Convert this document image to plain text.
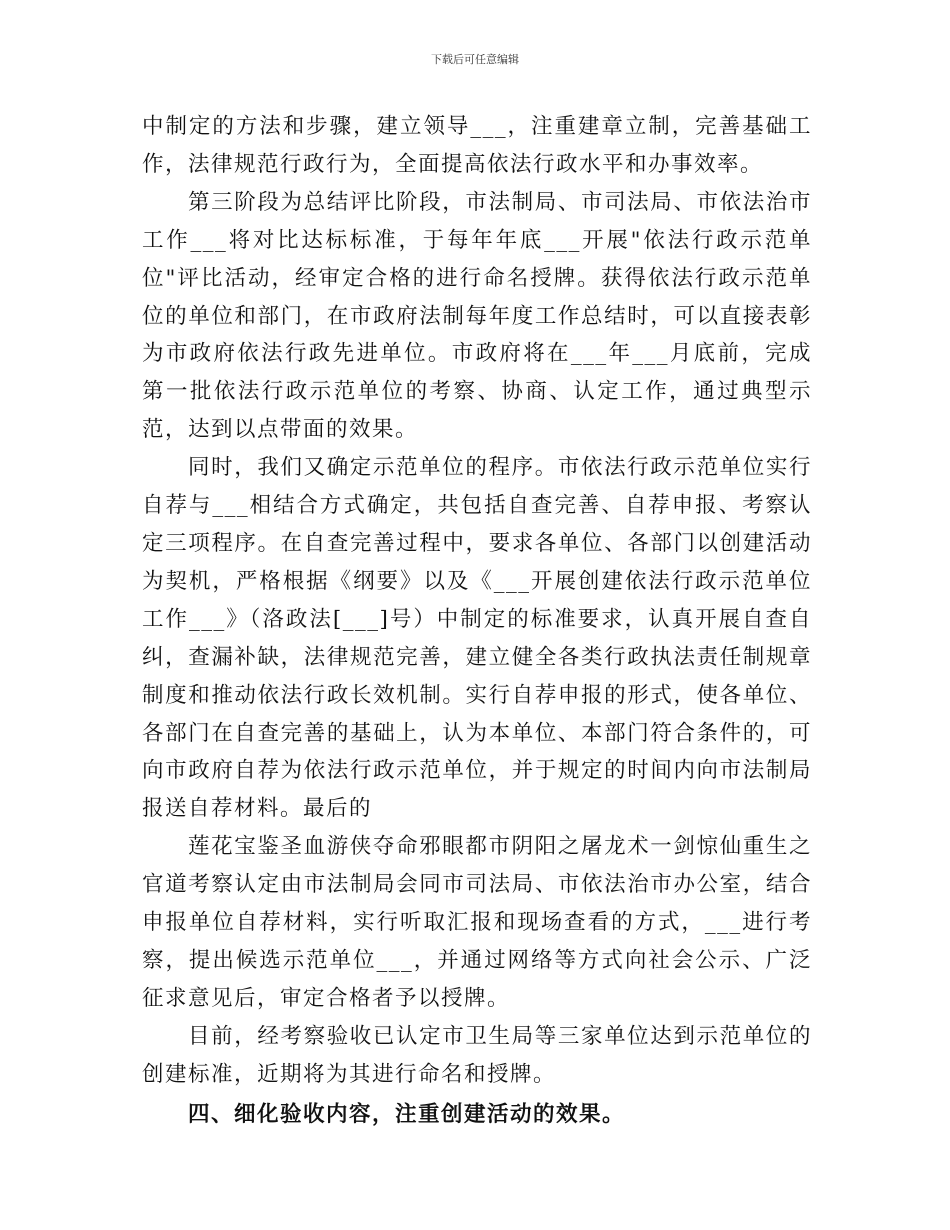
下载后可任意编辑

中制定的方法和步骤，建立领导___，注重建章立制，完善基础工作，法律规范行政行为，全面提高依法行政水平和办事效率。

第三阶段为总结评比阶段，市法制局、市司法局、市依法治市工作___将对比达标标准，于每年年底___开展"依法行政示范单位"评比活动，经审定合格的进行命名授牌。获得依法行政示范单位的单位和部门，在市政府法制每年度工作总结时，可以直接表彰为市政府依法行政先进单位。市政府将在___年___月底前，完成第一批依法行政示范单位的考察、协商、认定工作，通过典型示范，达到以点带面的效果。

同时，我们又确定示范单位的程序。市依法行政示范单位实行自荐与___相结合方式确定，共包括自查完善、自荐申报、考察认定三项程序。在自查完善过程中，要求各单位、各部门以创建活动为契机，严格根据《纲要》以及《___开展创建依法行政示范单位工作___》（洛政法[___]号）中制定的标准要求，认真开展自查自纠，查漏补缺，法律规范完善，建立健全各类行政执法责任制规章制度和推动依法行政长效机制。实行自荐申报的形式，使各单位、各部门在自查完善的基础上，认为本单位、本部门符合条件的，可向市政府自荐为依法行政示范单位，并于规定的时间内向市法制局报送自荐材料。最后的

莲花宝鉴圣血游侠夺命邪眼都市阴阳之屠龙术一剑惊仙重生之官道考察认定由市法制局会同市司法局、市依法治市办公室，结合申报单位自荐材料，实行听取汇报和现场查看的方式，___进行考察，提出候选示范单位___，并通过网络等方式向社会公示、广泛征求意见后，审定合格者予以授牌。

目前，经考察验收已认定市卫生局等三家单位达到示范单位的创建标准，近期将为其进行命名和授牌。

四、细化验收内容，注重创建活动的效果。
